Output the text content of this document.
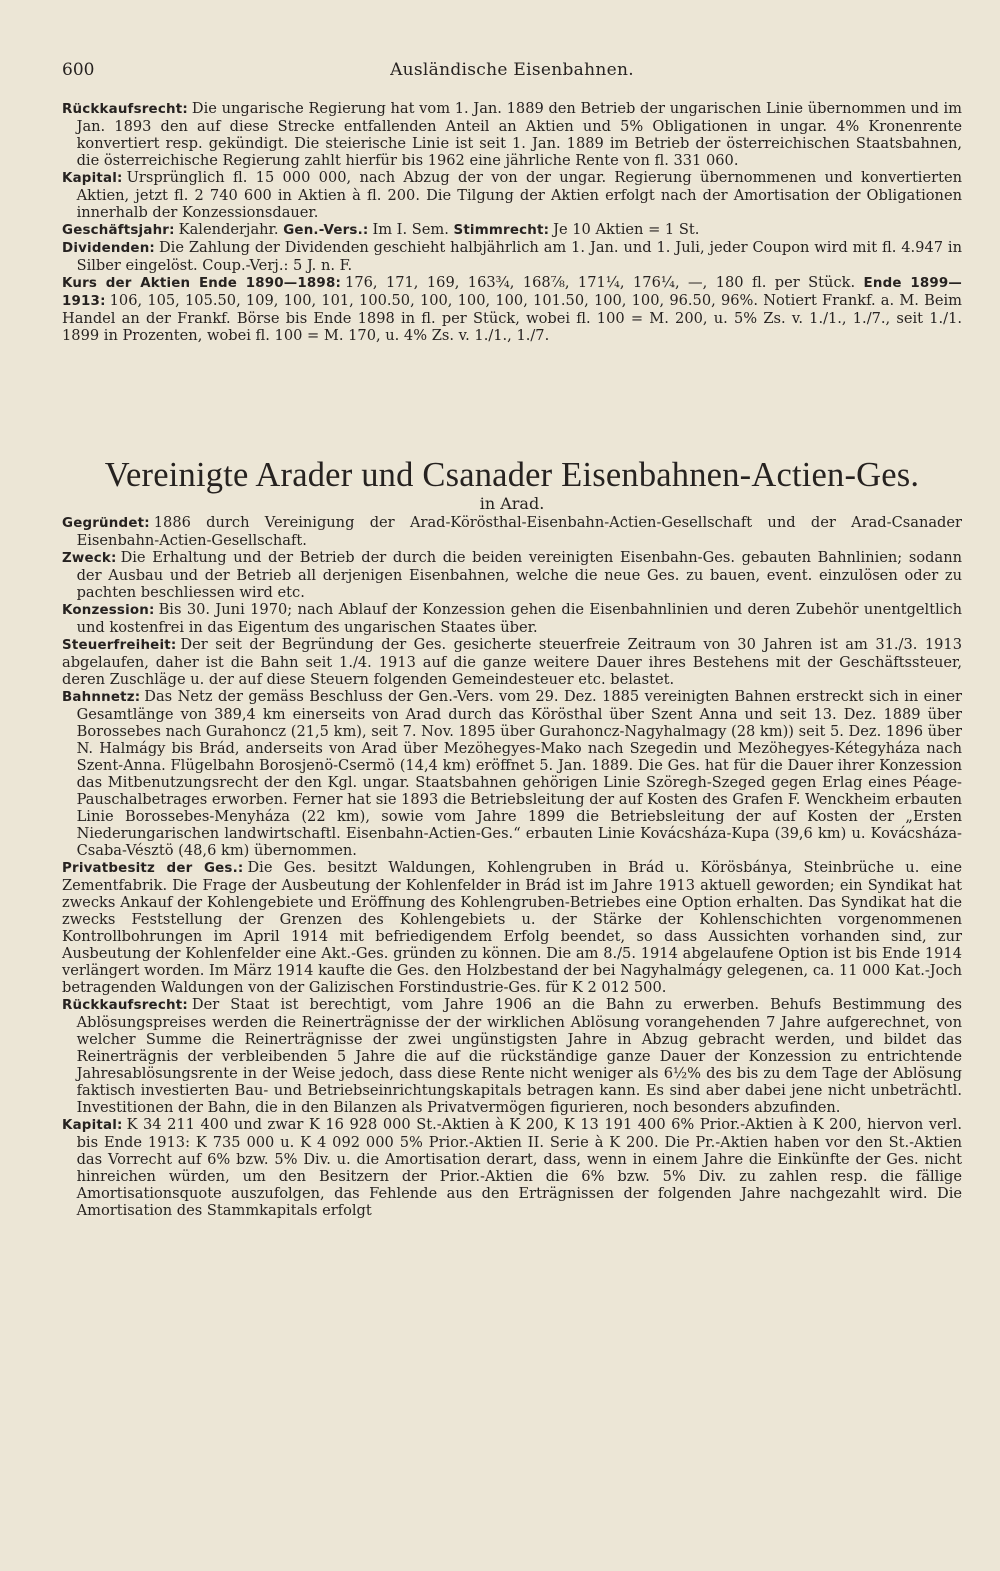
600	Ausländische Eisenbahnen.

Rückkaufsrecht: Die ungarische Regierung hat vom 1. Jan. 1889 den Betrieb der ungarischen Linie übernommen und im Jan. 1893 den auf diese Strecke entfallenden Anteil an Aktien und 5% Obligationen in ungar. 4% Kronenrente konvertiert resp. gekündigt. Die steierische Linie ist seit 1. Jan. 1889 im Betrieb der österreichischen Staatsbahnen, die österreichische Regierung zahlt hierfür bis 1962 eine jährliche Rente von fl. 331 060.

Kapital: Ursprünglich fl. 15 000 000, nach Abzug der von der ungar. Regierung übernommenen und konvertierten Aktien, jetzt fl. 2 740 600 in Aktien à fl. 200. Die Tilgung der Aktien erfolgt nach der Amortisation der Obligationen innerhalb der Konzessionsdauer.

Geschäftsjahr: Kalenderjahr. Gen.-Vers.: Im I. Sem. Stimmrecht: Je 10 Aktien = 1 St.

Dividenden: Die Zahlung der Dividenden geschieht halbjährlich am 1. Jan. und 1. Juli, jeder Coupon wird mit fl. 4.947 in Silber eingelöst. Coup.-Verj.: 5 J. n. F.

Kurs der Aktien Ende 1890—1898: 176, 171, 169, 163¾, 168⅞, 171¼, 176¼, —, 180 fl. per Stück. Ende 1899—1913: 106, 105, 105.50, 109, 100, 101, 100.50, 100, 100, 100, 101.50, 100, 100, 96.50, 96%. Notiert Frankf. a. M. Beim Handel an der Frankf. Börse bis Ende 1898 in fl. per Stück, wobei fl. 100 = M. 200, u. 5% Zs. v. 1./1., 1./7., seit 1./1. 1899 in Prozenten, wobei fl. 100 = M. 170, u. 4% Zs. v. 1./1., 1./7.

Vereinigte Arader und Csanader Eisenbahnen-Actien-Ges.
in Arad.

Gegründet: 1886 durch Vereinigung der Arad-Körösthal-Eisenbahn-Actien-Gesellschaft und der Arad-Csanader Eisenbahn-Actien-Gesellschaft.

Zweck: Die Erhaltung und der Betrieb der durch die beiden vereinigten Eisenbahn-Ges. gebauten Bahnlinien; sodann der Ausbau und der Betrieb all derjenigen Eisenbahnen, welche die neue Ges. zu bauen, event. einzulösen oder zu pachten beschliessen wird etc.

Konzession: Bis 30. Juni 1970; nach Ablauf der Konzession gehen die Eisenbahnlinien und deren Zubehör unentgeltlich und kostenfrei in das Eigentum des ungarischen Staates über.

Steuerfreiheit: Der seit der Begründung der Ges. gesicherte steuerfreie Zeitraum von 30 Jahren ist am 31./3. 1913 abgelaufen, daher ist die Bahn seit 1./4. 1913 auf die ganze weitere Dauer ihres Bestehens mit der Geschäftssteuer, deren Zuschläge u. der auf diese Steuern folgenden Gemeindesteuer etc. belastet.

Bahnnetz: Das Netz der gemäss Beschluss der Gen.-Vers. vom 29. Dez. 1885 vereinigten Bahnen erstreckt sich in einer Gesamtlänge von 389,4 km einerseits von Arad durch das Körösthal über Szent Anna und seit 13. Dez. 1889 über Borossebes nach Gurahoncz (21,5 km), seit 7. Nov. 1895 über Gurahoncz-Nagyhalmagy (28 km)) seit 5. Dez. 1896 über N. Halmágy bis Brád, anderseits von Arad über Mezöhegyes-Mako nach Szegedin und Mezöhegyes-Kétegyháza nach Szent-Anna. Flügelbahn Borosjenö-Csermö (14,4 km) eröffnet 5. Jan. 1889. Die Ges. hat für die Dauer ihrer Konzession das Mitbenutzungsrecht der den Kgl. ungar. Staatsbahnen gehörigen Linie Szöregh-Szeged gegen Erlag eines Péage-Pauschalbetrages erworben. Ferner hat sie 1893 die Betriebsleitung der auf Kosten des Grafen F. Wenckheim erbauten Linie Borossebes-Menyháza (22 km), sowie vom Jahre 1899 die Betriebsleitung der auf Kosten der „Ersten Niederungarischen landwirtschaftl. Eisenbahn-Actien-Ges.“ erbauten Linie Kovácsháza-Kupa (39,6 km) u. Kovácsháza-Csaba-Vésztö (48,6 km) übernommen.

Privatbesitz der Ges.: Die Ges. besitzt Waldungen, Kohlengruben in Brád u. Körösbánya, Steinbrüche u. eine Zementfabrik. Die Frage der Ausbeutung der Kohlenfelder in Brád ist im Jahre 1913 aktuell geworden; ein Syndikat hat zwecks Ankauf der Kohlengebiete und Eröffnung des Kohlengruben-Betriebes eine Option erhalten. Das Syndikat hat die zwecks Feststellung der Grenzen des Kohlengebiets u. der Stärke der Kohlenschichten vorgenommenen Kontrollbohrungen im April 1914 mit befriedigendem Erfolg beendet, so dass Aussichten vorhanden sind, zur Ausbeutung der Kohlenfelder eine Akt.-Ges. gründen zu können. Die am 8./5. 1914 abgelaufene Option ist bis Ende 1914 verlängert worden. Im März 1914 kaufte die Ges. den Holzbestand der bei Nagyhalmágy gelegenen, ca. 11 000 Kat.-Joch betragenden Waldungen von der Galizischen Forstindustrie-Ges. für K 2 012 500.

Rückkaufsrecht: Der Staat ist berechtigt, vom Jahre 1906 an die Bahn zu erwerben. Behufs Bestimmung des Ablösungspreises werden die Reinerträgnisse der der wirklichen Ablösung vorangehenden 7 Jahre aufgerechnet, von welcher Summe die Reinerträgnisse der zwei ungünstigsten Jahre in Abzug gebracht werden, und bildet das Reinerträgnis der verbleibenden 5 Jahre die auf die rückständige ganze Dauer der Konzession zu entrichtende Jahresablösungsrente in der Weise jedoch, dass diese Rente nicht weniger als 6½% des bis zu dem Tage der Ablösung faktisch investierten Bau- und Betriebseinrichtungskapitals betragen kann. Es sind aber dabei jene nicht unbeträchtl. Investitionen der Bahn, die in den Bilanzen als Privatvermögen figurieren, noch besonders abzufinden.

Kapital: K 34 211 400 und zwar K 16 928 000 St.-Aktien à K 200, K 13 191 400 6% Prior.-Aktien à K 200, hiervon verl. bis Ende 1913: K 735 000 u. K 4 092 000 5% Prior.-Aktien II. Serie à K 200. Die Pr.-Aktien haben vor den St.-Aktien das Vorrecht auf 6% bzw. 5% Div. u. die Amortisation derart, dass, wenn in einem Jahre die Einkünfte der Ges. nicht hinreichen würden, um den Besitzern der Prior.-Aktien die 6% bzw. 5% Div. zu zahlen resp. die fällige Amortisationsquote auszufolgen, das Fehlende aus den Erträgnissen der folgenden Jahre nachgezahlt wird. Die Amortisation des Stammkapitals erfolgt
